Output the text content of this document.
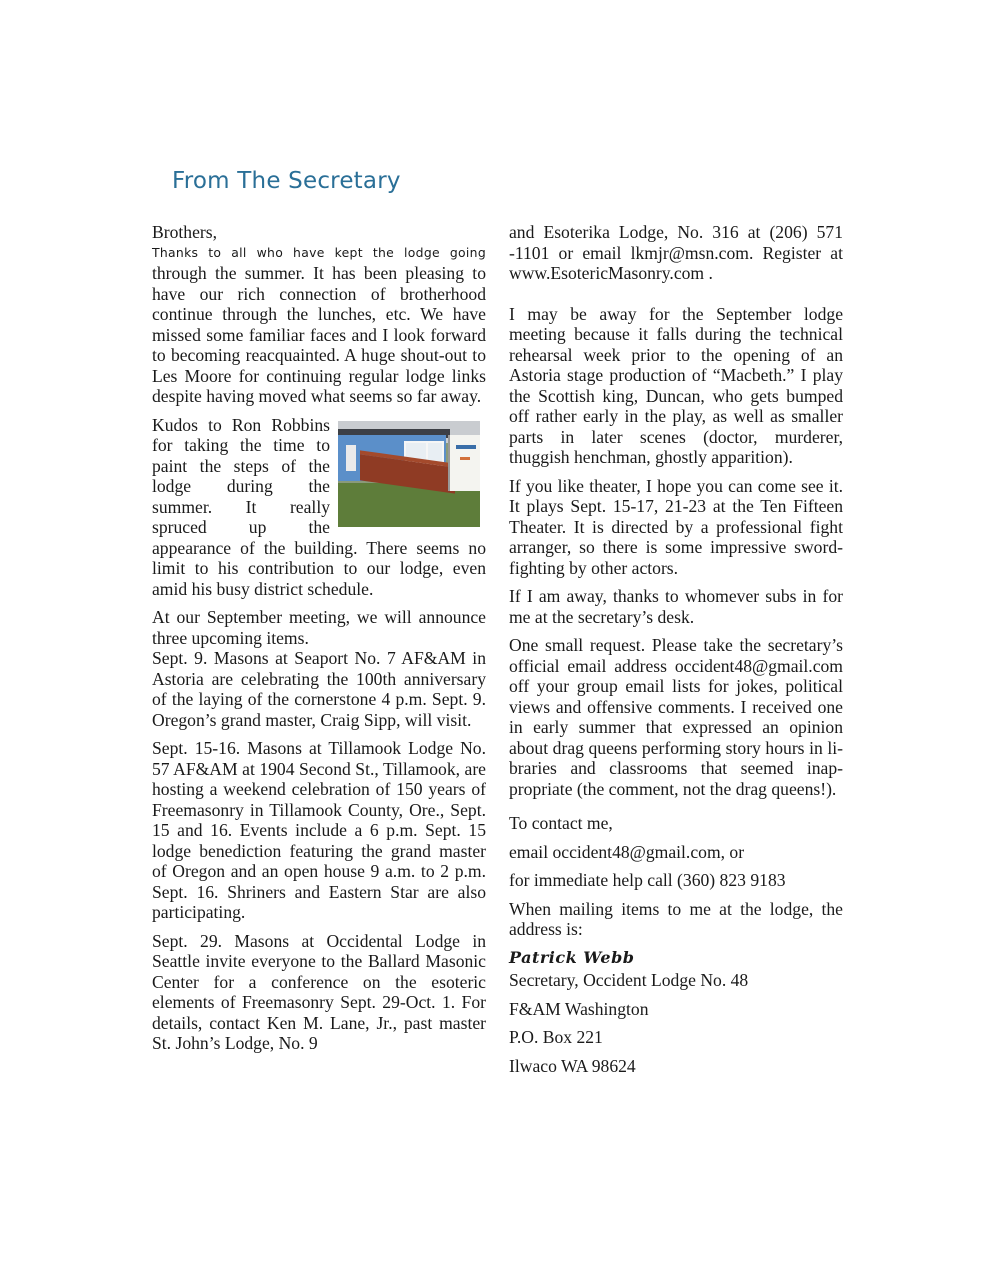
From The Secretary

Brothers,

Thanks to all who have kept the lodge going
through the summer. It has been pleasing to have our rich connection of brotherhood continue through the lunches, etc. We have missed some familiar faces and I look forward to becoming reacquainted. A huge shout-out to Les Moore for continuing regular lodge links despite having moved what seems so far away.

Kudos to Ron Robbins for taking the time to paint the steps of the lodge during the summer. It really spruced up the appearance of the building. There seems no limit to his contribution to our lodge, even amid his busy district schedule.

At our September meeting, we will announce three upcoming items.

Sept. 9. Masons at Seaport No. 7 AF&AM in Astoria are celebrating the 100th anniversary of the laying of the cornerstone 4 p.m. Sept. 9. Oregon’s grand master, Craig Sipp, will visit.

Sept. 15-16. Masons at Tillamook Lodge No. 57 AF&AM at 1904 Second St., Tillamook, are hosting a weekend celebration of 150 years of Freemasonry in Tillamook County, Ore., Sept. 15 and 16. Events include a 6 p.m. Sept. 15 lodge benediction featuring the grand master of Oregon and an open house 9 a.m. to 2 p.m. Sept. 16. Shriners and Eastern Star are also participating.

Sept. 29. Masons at Occidental Lodge in Seattle invite everyone to the Ballard Masonic Center for a conference on the esoteric elements of Freemasonry Sept. 29-Oct. 1. For details, contact Ken M. Lane, Jr., past master St. John’s Lodge, No. 9

and Esoterika Lodge, No. 316 at (206) 571 -1101 or email lkmjr@msn.com. Register at www.EsotericMasonry.com .

I may be away for the September lodge meeting because it falls during the technical rehearsal week prior to the opening of an Astoria stage production of “Macbeth.” I play the Scottish king, Duncan, who gets bumped off rather early in the play, as well as smaller parts in later scenes (doctor, murderer, thuggish henchman, ghostly apparition).

If you like theater, I hope you can come see it. It plays Sept. 15-17, 21-23 at the Ten Fifteen Theater. It is directed by a professional fight arranger, so there is some impressive sword-fighting by other actors.

If I am away, thanks to whomever subs in for me at the secretary’s desk.

One small request. Please take the secretary’s official email address occident48@gmail.com off your group email lists for jokes, political views and offensive comments. I received one in early summer that expressed an opinion about drag queens performing story hours in libraries and classrooms that seemed inappropriate (the comment, not the drag queens!).

To contact me,

email occident48@gmail.com, or

for immediate help call (360) 823 9183

When mailing items to me at the lodge, the address is:

Patrick Webb

Secretary, Occident Lodge No. 48

F&AM Washington

P.O. Box 221

Ilwaco WA 98624
